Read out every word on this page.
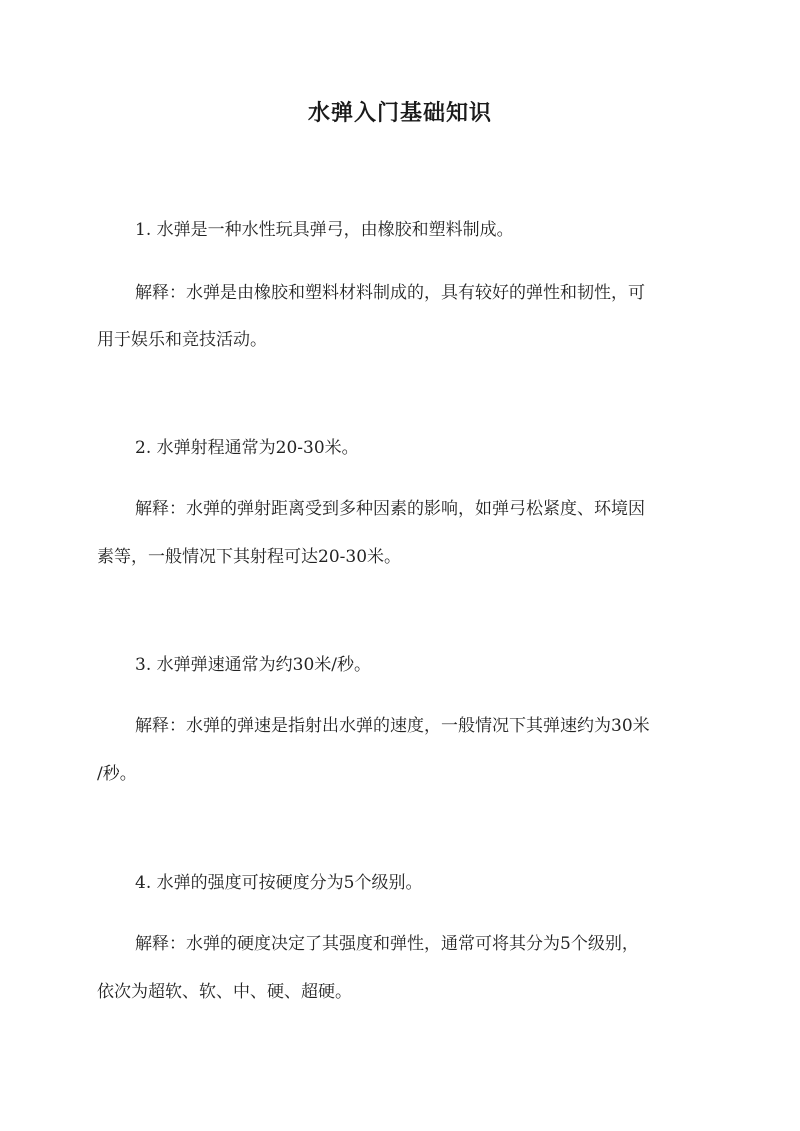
水弹入门基础知识
1. 水弹是一种水性玩具弹弓，由橡胶和塑料制成。
解释：水弹是由橡胶和塑料材料制成的，具有较好的弹性和韧性，可
用于娱乐和竞技活动。
2. 水弹射程通常为20-30米。
解释：水弹的弹射距离受到多种因素的影响，如弹弓松紧度、环境因
素等，一般情况下其射程可达20-30米。
3. 水弹弹速通常为约30米/秒。
解释：水弹的弹速是指射出水弹的速度，一般情况下其弹速约为30米
/秒。
4. 水弹的强度可按硬度分为5个级别。
解释：水弹的硬度决定了其强度和弹性，通常可将其分为5个级别，
依次为超软、软、中、硬、超硬。
